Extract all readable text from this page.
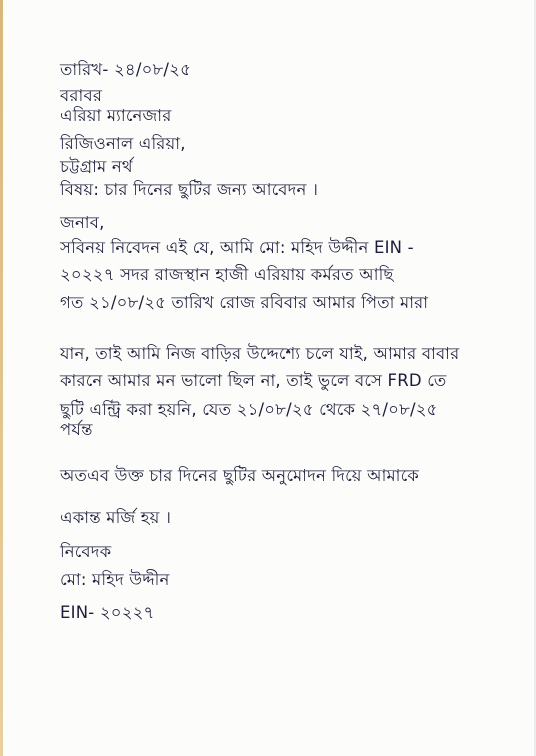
তারিখ- ২৪/০৮/২৫
বরাবর
এরিয়া ম্যানেজার
রিজিওনাল এরিয়া,
চট্টগ্রাম নর্থ
বিষয়: চার দিনের ছুটির জন্য আবেদন ।
জনাব,
সবিনয় নিবেদন এই যে, আমি মো: মহিদ উদ্দীন EIN -
২০২২৭ সদর রাজস্থান হাজী এরিয়ায় কর্মরত আছি
গত ২১/০৮/২৫ তারিখ রোজ রবিবার আমার পিতা মারা
যান, তাই আমি নিজ বাড়ির উদ্দেশ্যে চলে যাই, আমার বাবার
কারনে আমার মন ভালো ছিল না, তাই ভুলে বসে FRD তে
ছুটি এন্ট্রি করা হয়নি, যেত ২১/০৮/২৫ থেকে ২৭/০৮/২৫
পর্যন্ত
অতএব উক্ত চার দিনের ছুটির অনুমোদন দিয়ে আমাকে
একান্ত মর্জি হয় ।
নিবেদক
মো: মহিদ উদ্দীন
EIN- ২০২২৭
